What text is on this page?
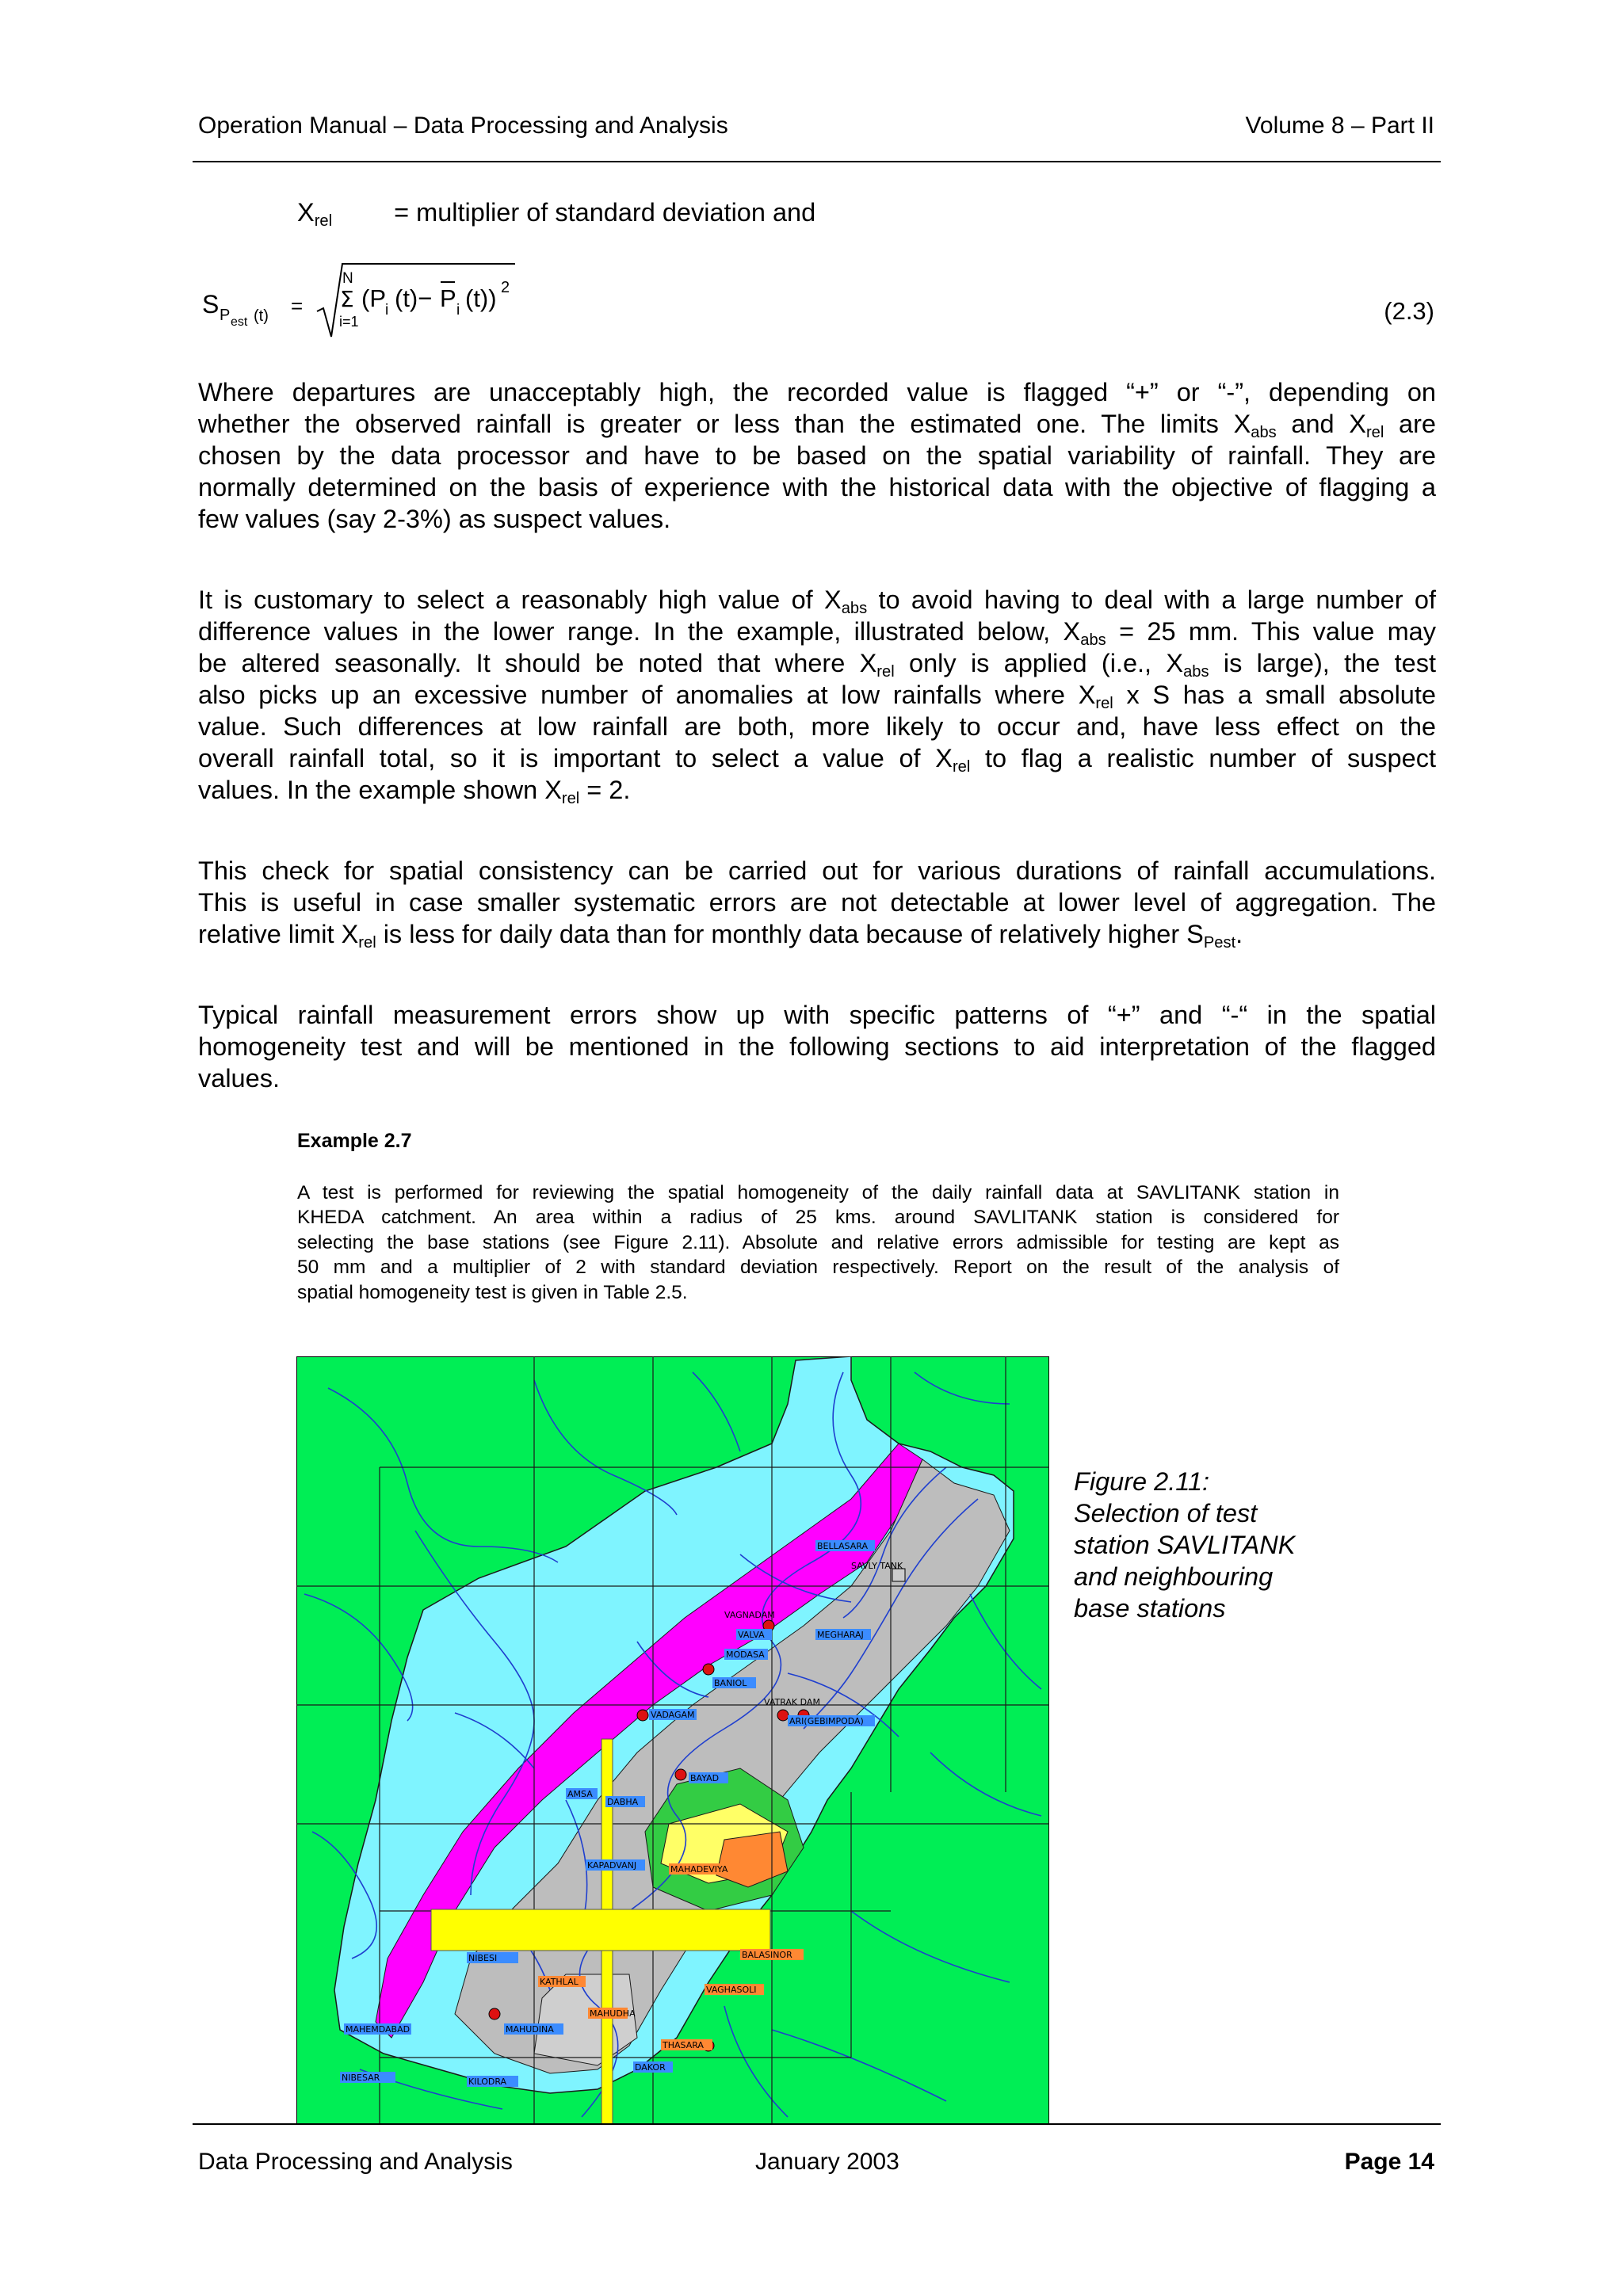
Operation Manual – Data Processing and Analysis	Volume 8 – Part II
$X_{rel}$ = multiplier of standard deviation and
S P est (t) =
N
Σ
i=1
(P i (t)− P i (t)) 2
(2.3)
Where departures are unacceptably high, the recorded value is flagged “+” or “-”, depending on
whether the observed rainfall is greater or less than the estimated one. The limits $X_{abs}$ and $X_{rel}$ are
chosen by the data processor and have to be based on the spatial variability of rainfall. They are
normally determined on the basis of experience with the historical data with the objective of flagging a
few values (say 2-3%) as suspect values.
It is customary to select a reasonably high value of $X_{abs}$ to avoid having to deal with a large number of
difference values in the lower range. In the example, illustrated below, $X_{abs} = 25$ mm. This value may
be altered seasonally. It should be noted that where $X_{rel}$ only is applied (i.e., $X_{abs}$ is large), the test
also picks up an excessive number of anomalies at low rainfalls where $X_{rel}$ x S has a small absolute
value. Such differences at low rainfall are both, more likely to occur and, have less effect on the
overall rainfall total, so it is important to select a value of $X_{rel}$ to flag a realistic number of suspect
values. In the example shown $X_{rel} = 2$.
This check for spatial consistency can be carried out for various durations of rainfall accumulations.
This is useful in case smaller systematic errors are not detectable at lower level of aggregation. The
relative limit $X_{rel}$ is less for daily data than for monthly data because of relatively higher $S_{Pest}$.
Typical rainfall measurement errors show up with specific patterns of “+” and “-“ in the spatial
homogeneity test and will be mentioned in the following sections to aid interpretation of the flagged
values.
Example 2.7
A test is performed for reviewing the spatial homogeneity of the daily rainfall data at SAVLITANK station in
KHEDA catchment. An area within a radius of 25 kms. around SAVLITANK station is considered for
selecting the base stations (see Figure 2.11). Absolute and relative errors admissible for testing are kept as
50 mm and a multiplier of 2 with standard deviation respectively. Report on the result of the analysis of
spatial homogeneity test is given in Table 2.5.
BELLASARA
SAVLY TANK
VAGNADAM
VALVA	MEGHARAJ
MODASA
BANIOL
VATRAK DAM
VADAGAM
ARI(GEBIMPODA)
BAYAD
AMSA
DABHA
KAPADVANJ	MAHADEVIYA
NIBESI	BALASINOR
KATHLAL
MAHUDHA
VAGHASOLI
MAHEMDABAD	MAHUDINA
THASARA
DAKOR
NIBESAR	KILODRA
Figure 2.11:
Selection of test
station SAVLITANK
and neighbouring
base stations
Data Processing and Analysis	January 2003	Page 14
